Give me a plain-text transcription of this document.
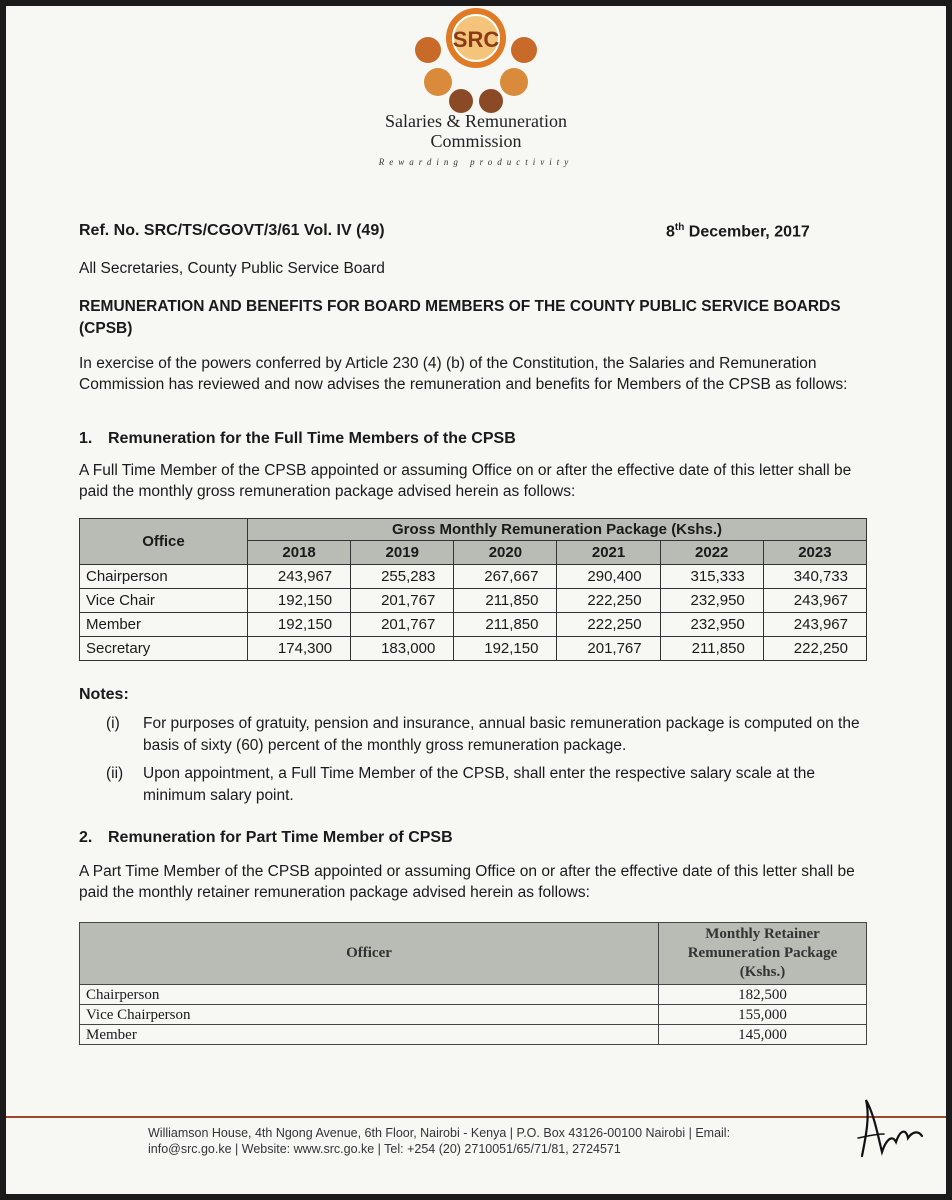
SRC
Salaries & Remuneration
Commission
Rewarding productivity
Ref. No. SRC/TS/CGOVT/3/61 Vol. IV (49)	8th December, 2017
All Secretaries, County Public Service Board
REMUNERATION AND BENEFITS FOR BOARD MEMBERS OF THE COUNTY PUBLIC SERVICE BOARDS (CPSB)
In exercise of the powers conferred by Article 230 (4) (b) of the Constitution, the Salaries and Remuneration Commission has reviewed and now advises the remuneration and benefits for Members of the CPSB as follows:
1. Remuneration for the Full Time Members of the CPSB
A Full Time Member of the CPSB appointed or assuming Office on or after the effective date of this letter shall be paid the monthly gross remuneration package advised herein as follows:
Office	Gross Monthly Remuneration Package (Kshs.)					
	2018	2019	2020	2021	2022	2023
Chairperson	243,967	255,283	267,667	290,400	315,333	340,733
Vice Chair	192,150	201,767	211,850	222,250	232,950	243,967
Member	192,150	201,767	211,850	222,250	232,950	243,967
Secretary	174,300	183,000	192,150	201,767	211,850	222,250
Notes:
(i) For purposes of gratuity, pension and insurance, annual basic remuneration package is computed on the basis of sixty (60) percent of the monthly gross remuneration package.
(ii) Upon appointment, a Full Time Member of the CPSB, shall enter the respective salary scale at the minimum salary point.
2. Remuneration for Part Time Member of CPSB
A Part Time Member of the CPSB appointed or assuming Office on or after the effective date of this letter shall be paid the monthly retainer remuneration package advised herein as follows:
Officer	Monthly Retainer Remuneration Package (Kshs.)
Chairperson	182,500
Vice Chairperson	155,000
Member	145,000
Williamson House, 4th Ngong Avenue, 6th Floor, Nairobi - Kenya | P.O. Box 43126-00100 Nairobi | Email:
info@src.go.ke | Website: www.src.go.ke | Tel: +254 (20) 2710051/65/71/81, 2724571
